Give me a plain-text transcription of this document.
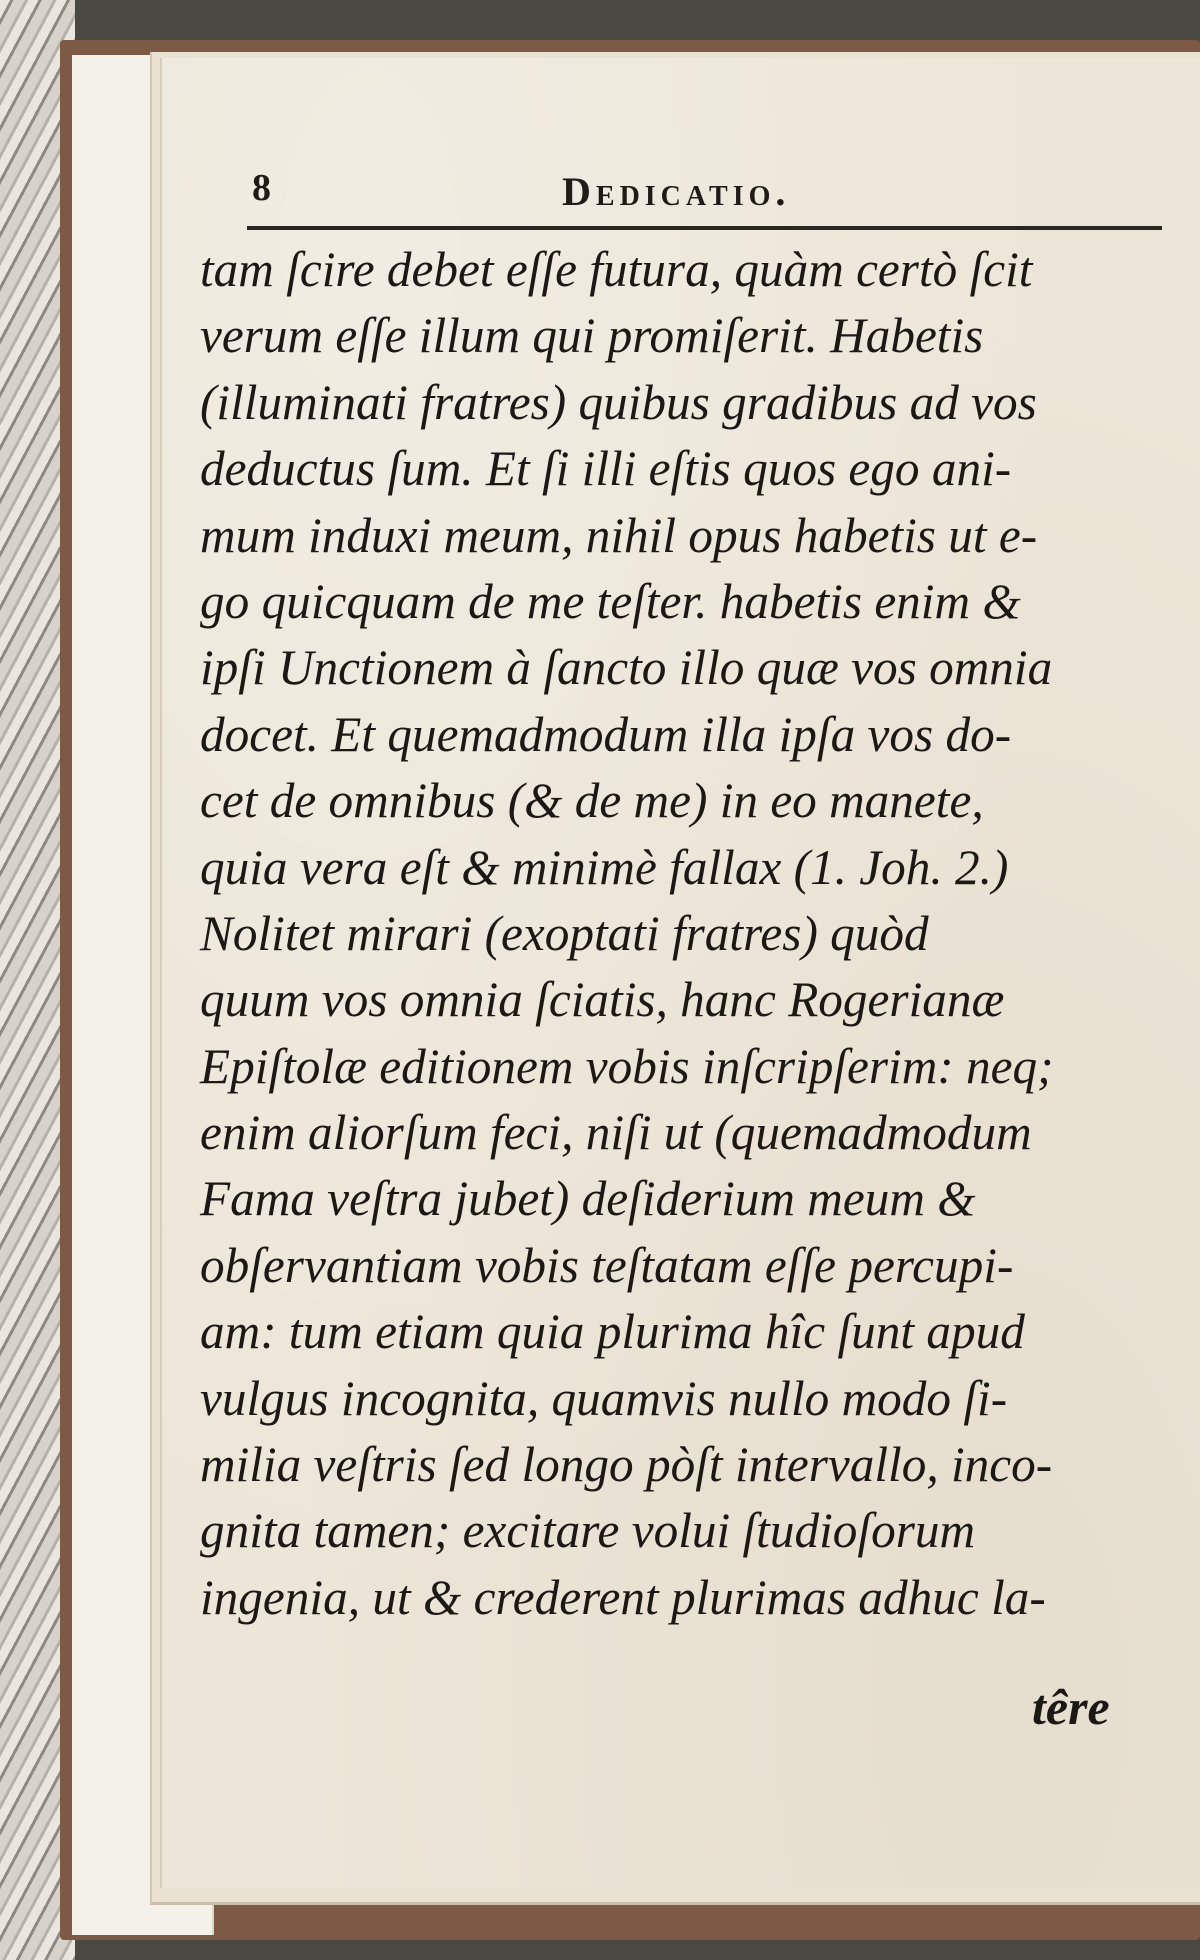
8	Dedicatio.
tam ſcire debet eſſe futura, quàm certò ſcit
verum eſſe illum qui promiſerit. Habetis
(illuminati fratres) quibus gradibus ad vos
deductus ſum. Et ſi illi eſtis quos ego ani-
mum induxi meum, nihil opus habetis ut e-
go quicquam de me teſter. habetis enim &
ipſi Unctionem à ſancto illo quæ vos omnia
docet. Et quemadmodum illa ipſa vos do-
cet de omnibus (& de me) in eo manete,
quia vera eſt & minimè fallax (1. Joh. 2.)
Nolitet mirari (exoptati fratres) quòd
quum vos omnia ſciatis, hanc Rogerianæ
Epiſtolæ editionem vobis inſcripſerim: neq;
enim aliorſum feci, niſi ut (quemadmodum
Fama veſtra jubet) deſiderium meum &
obſervantiam vobis teſtatam eſſe percupi-
am: tum etiam quia plurima hîc ſunt apud
vulgus incognita, quamvis nullo modo ſi-
milia veſtris ſed longo pòſt intervallo, inco-
gnita tamen; excitare volui ſtudioſorum
ingenia, ut & crederent plurimas adhuc la-
têre
